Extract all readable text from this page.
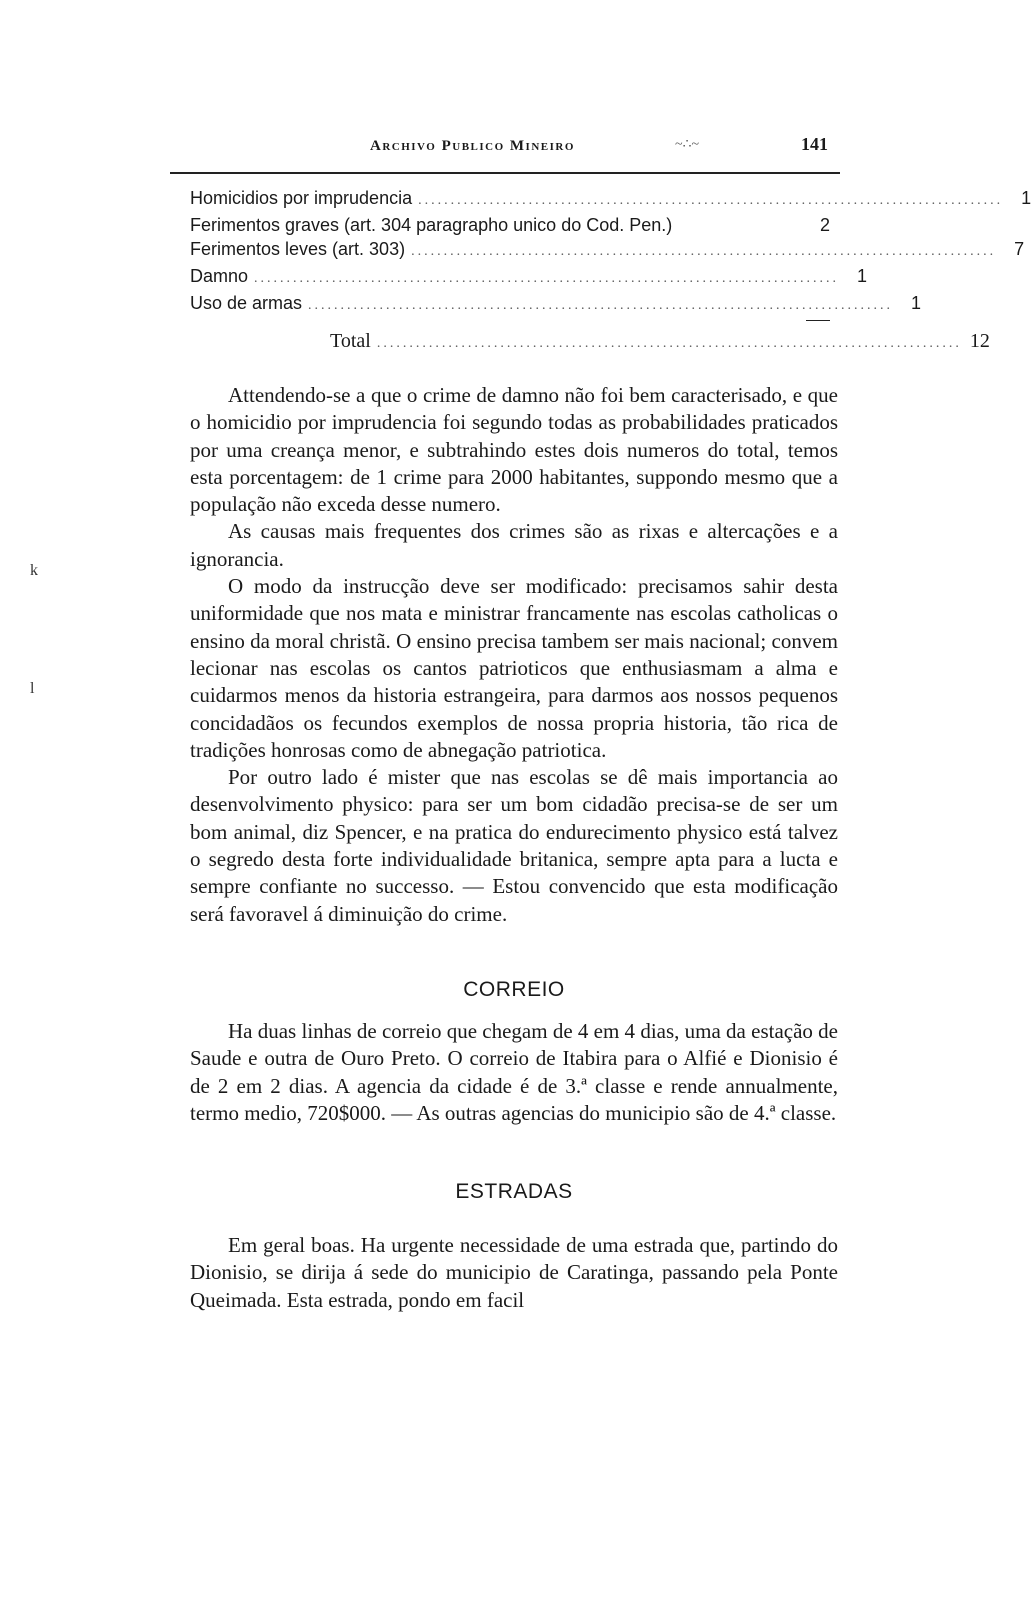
Archivo Publico Mineiro	~∴~	141
Homicidios por imprudencia .......................................................................................... 1
Ferimentos graves (art. 304 paragrapho unico do Cod. Pen.)	2
Ferimentos leves (art. 303) .......................................................................................... 7
Damno .......................................................................................... 1
Uso de armas .......................................................................................... 1
Total .......................................................................................... 12

Attendendo-se a que o crime de damno não foi bem caracterisado, e que o homicidio por imprudencia foi segundo todas as probabilidades praticados por uma creança menor, e subtrahindo estes dois numeros do total, temos esta porcentagem: de 1 crime para 2000 habitantes, suppondo mesmo que a população não exceda desse numero.

As causas mais frequentes dos crimes são as rixas e altercações e a ignorancia.

O modo da instrucção deve ser modificado: precisamos sahir desta uniformidade que nos mata e ministrar francamente nas escolas catholicas o ensino da moral christã. O ensino precisa tambem ser mais nacional; convem lecionar nas escolas os cantos patrioticos que enthusiasmam a alma e cuidarmos menos da historia estrangeira, para darmos aos nossos pequenos concidadãos os fecundos exemplos de nossa propria historia, tão rica de tradições honrosas como de abnegação patriotica.

Por outro lado é mister que nas escolas se dê mais importancia ao desenvolvimento physico: para ser um bom cidadão precisa-se de ser um bom animal, diz Spencer, e na pratica do endurecimento physico está talvez o segredo desta forte individualidade britanica, sempre apta para a lucta e sempre confiante no successo. — Estou convencido que esta modificação será favoravel á diminuição do crime.

CORREIO

Ha duas linhas de correio que chegam de 4 em 4 dias, uma da estação de Saude e outra de Ouro Preto. O correio de Itabira para o Alfié e Dionisio é de 2 em 2 dias. A agencia da cidade é de 3.ª classe e rende annualmente, termo medio, 720$000. — As outras agencias do municipio são de 4.ª classe.

ESTRADAS

Em geral boas. Ha urgente necessidade de uma estrada que, partindo do Dionisio, se dirija á sede do municipio de Caratinga, passando pela Ponte Queimada. Esta estrada, pondo em facil

k
l
